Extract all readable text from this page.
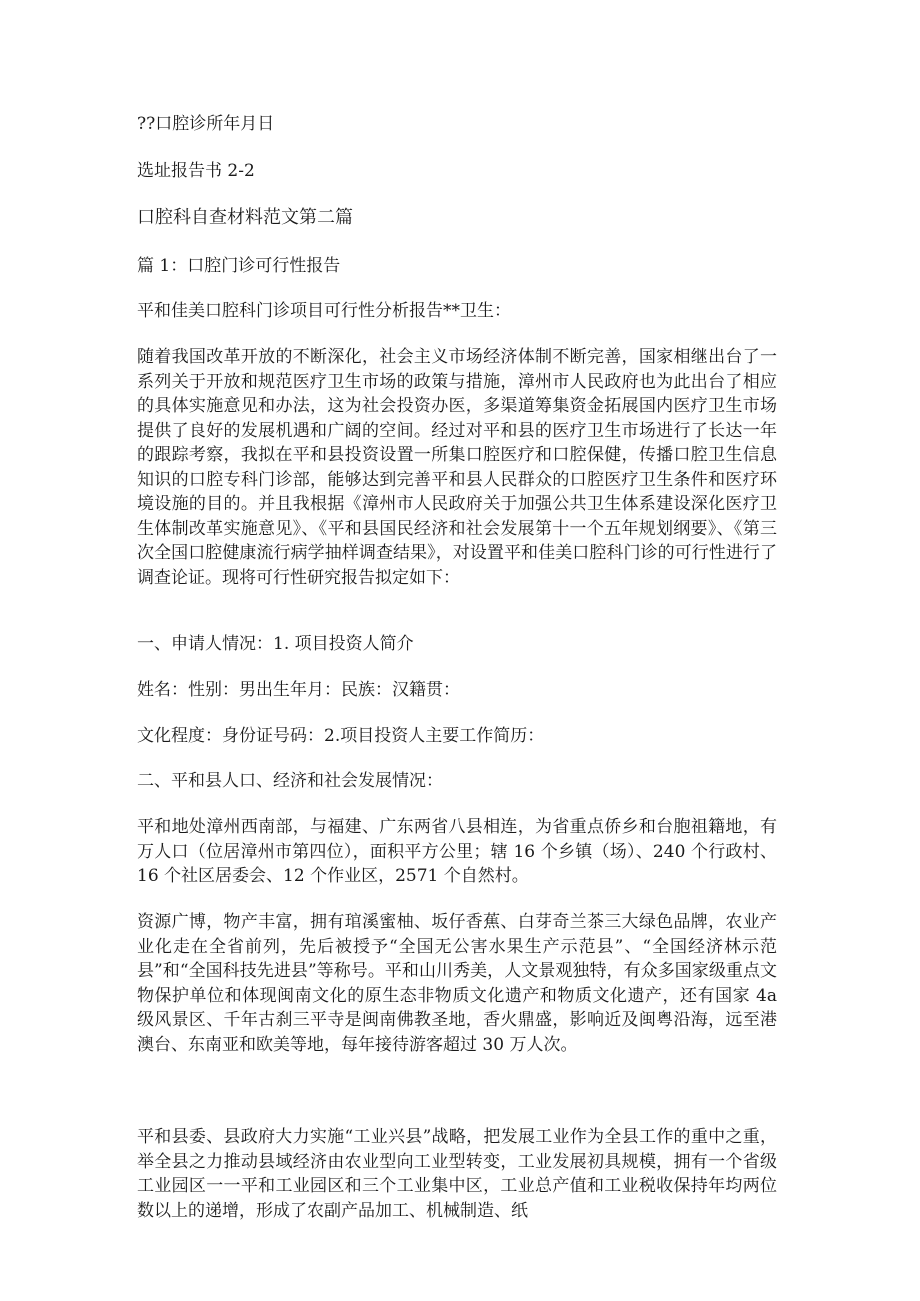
??口腔诊所年月日

选址报告书 2-2

口腔科自查材料范文第二篇

篇 1：口腔门诊可行性报告

平和佳美口腔科门诊项目可行性分析报告**卫生：

随着我国改革开放的不断深化，社会主义市场经济体制不断完善，国家相继出台了一系列关于开放和规范医疗卫生市场的政策与措施，漳州市人民政府也为此出台了相应的具体实施意见和办法，这为社会投资办医，多渠道筹集资金拓展国内医疗卫生市场提供了良好的发展机遇和广阔的空间。经过对平和县的医疗卫生市场进行了长达一年的跟踪考察，我拟在平和县投资设置一所集口腔医疗和口腔保健，传播口腔卫生信息知识的口腔专科门诊部，能够达到完善平和县人民群众的口腔医疗卫生条件和医疗环境设施的目的。并且我根据《漳州市人民政府关于加强公共卫生体系建设深化医疗卫生体制改革实施意见》、《平和县国民经济和社会发展第十一个五年规划纲要》、《第三次全国口腔健康流行病学抽样调查结果》，对设置平和佳美口腔科门诊的可行性进行了调查论证。现将可行性研究报告拟定如下：

一、申请人情况：1. 项目投资人简介

姓名：性别：男出生年月：民族：汉籍贯：

文化程度：身份证号码：2.项目投资人主要工作简历：

二、平和县人口、经济和社会发展情况：

平和地处漳州西南部，与福建、广东两省八县相连，为省重点侨乡和台胞祖籍地，有万人口（位居漳州市第四位），面积平方公里；辖 16 个乡镇（场）、240 个行政村、16 个社区居委会、12 个作业区，2571 个自然村。

资源广博，物产丰富，拥有琯溪蜜柚、坂仔香蕉、白芽奇兰茶三大绿色品牌，农业产业化走在全省前列，先后被授予“全国无公害水果生产示范县”、“全国经济林示范县”和“全国科技先进县”等称号。平和山川秀美，人文景观独特，有众多国家级重点文物保护单位和体现闽南文化的原生态非物质文化遗产和物质文化遗产，还有国家 4a 级风景区、千年古刹三平寺是闽南佛教圣地，香火鼎盛，影响近及闽粤沿海，远至港澳台、东南亚和欧美等地，每年接待游客超过 30 万人次。

平和县委、县政府大力实施“工业兴县”战略，把发展工业作为全县工作的重中之重，举全县之力推动县域经济由农业型向工业型转变，工业发展初具规模，拥有一个省级工业园区一一平和工业园区和三个工业集中区，工业总产值和工业税收保持年均两位数以上的递增，形成了农副产品加工、机械制造、纸
